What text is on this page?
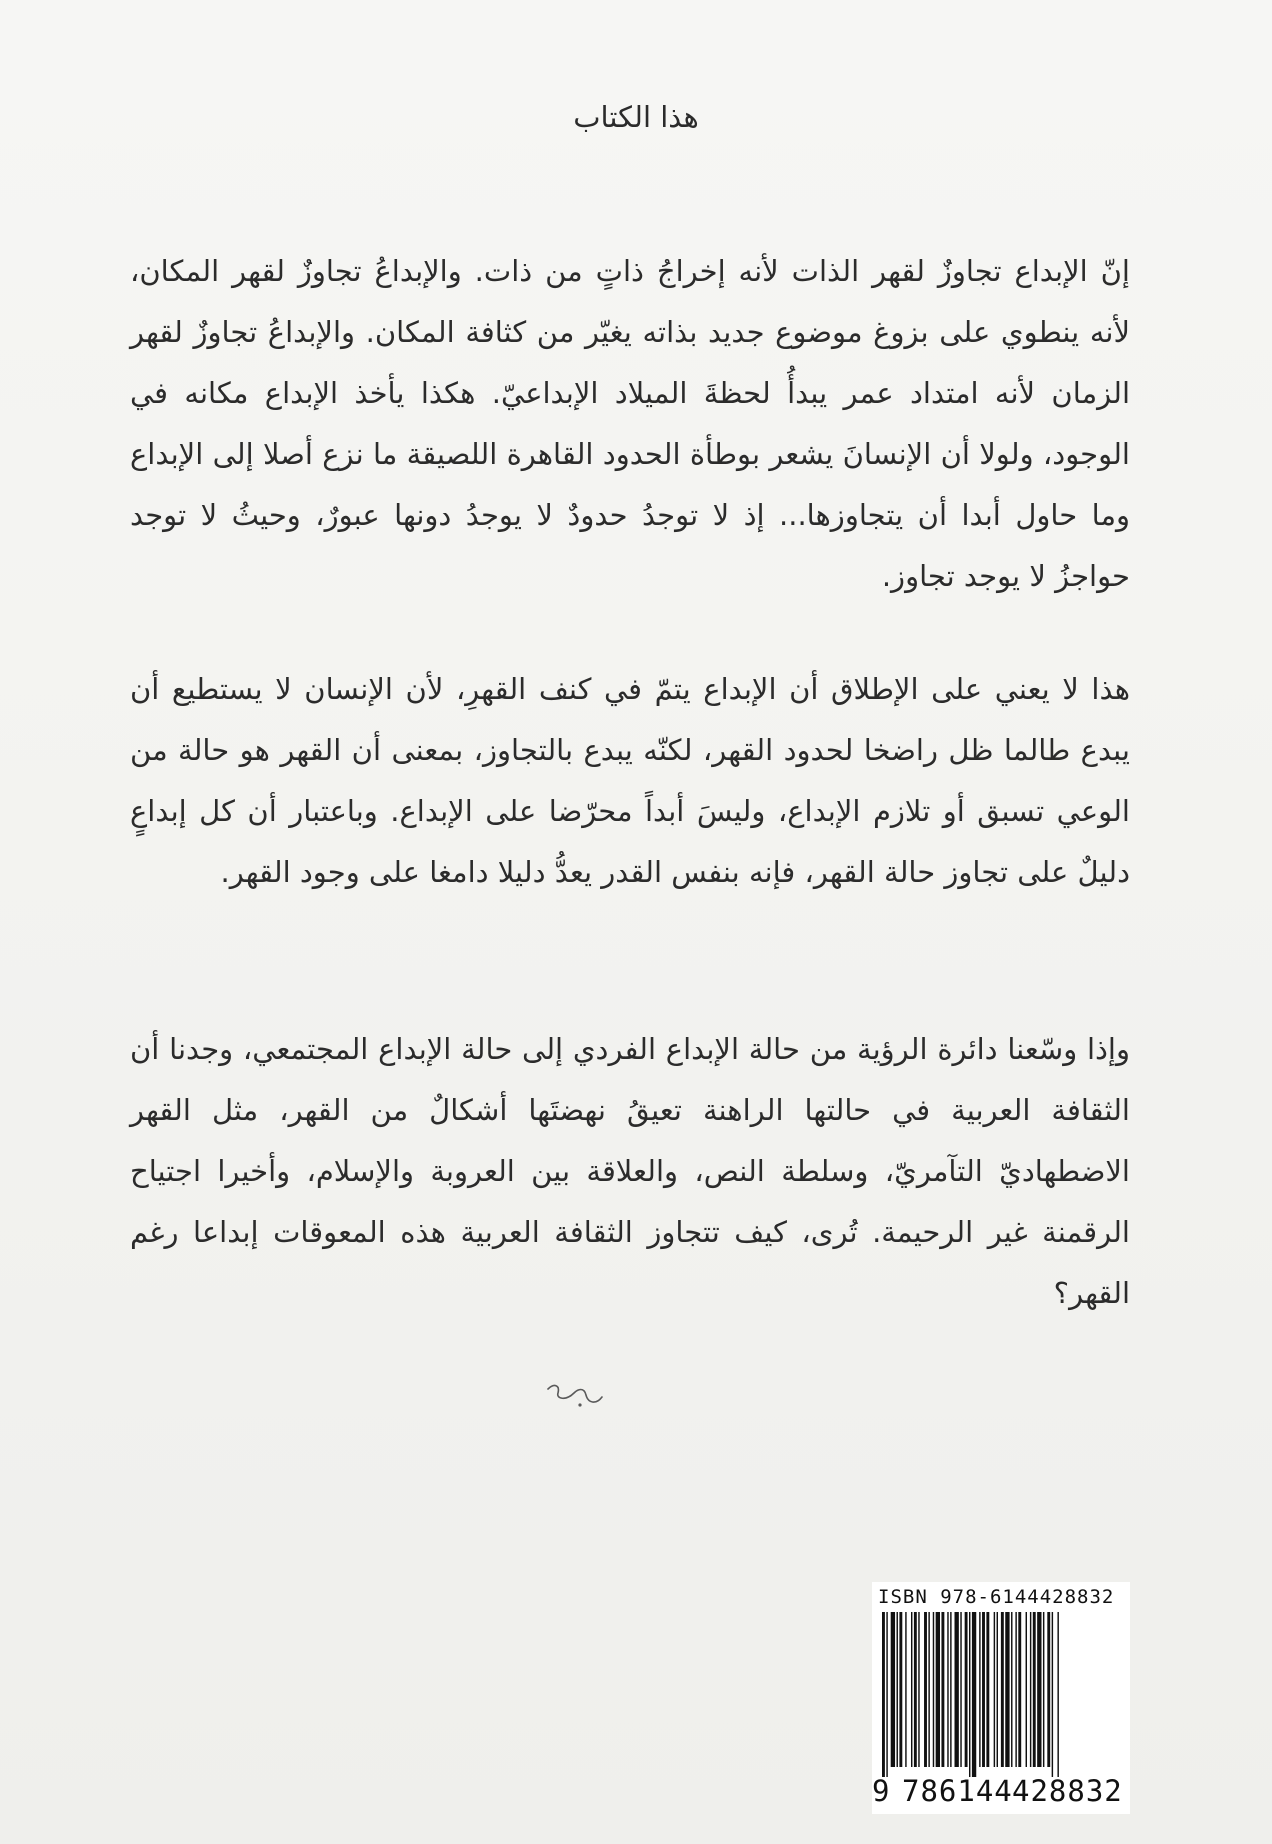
هذا الكتاب

إنّ الإبداع تجاوزٌ لقهر الذات لأنه إخراجُ ذاتٍ من ذات. والإبداعُ تجاوزٌ لقهر المكان، لأنه ينطوي على بزوغ موضوع جديد بذاته يغيّر من كثافة المكان. والإبداعُ تجاوزٌ لقهر الزمان لأنه امتداد عمر يبدأُ لحظةَ الميلاد الإبداعيّ. هكذا يأخذ الإبداع مكانه في الوجود، ولولا أن الإنسانَ يشعر بوطأة الحدود القاهرة اللصيقة ما نزع أصلا إلى الإبداع وما حاول أبدا أن يتجاوزها... إذ لا توجدُ حدودٌ لا يوجدُ دونها عبورٌ، وحيثُ لا توجد حواجزُ لا يوجد تجاوز.

هذا لا يعني على الإطلاق أن الإبداع يتمّ في كنف القهرِ، لأن الإنسان لا يستطيع أن يبدع طالما ظل راضخا لحدود القهر، لكنّه يبدع بالتجاوز، بمعنى أن القهر هو حالة من الوعي تسبق أو تلازم الإبداع، وليسَ أبداً محرّضا على الإبداع. وباعتبار أن كل إبداعٍ دليلٌ على تجاوز حالة القهر، فإنه بنفس القدر يعدُّ دليلا دامغا على وجود القهر.

وإذا وسّعنا دائرة الرؤية من حالة الإبداع الفردي إلى حالة الإبداع المجتمعي، وجدنا أن الثقافة العربية في حالتها الراهنة تعيقُ نهضتَها أشكالٌ من القهر، مثل القهر الاضطهاديّ التآمريّ، وسلطة النص، والعلاقة بين العروبة والإسلام، وأخيرا اجتياح الرقمنة غير الرحيمة. تُرى، كيف تتجاوز الثقافة العربية هذه المعوقات إبداعا رغم القهر؟

ISBN 978-6144428832
9 786144 428832
